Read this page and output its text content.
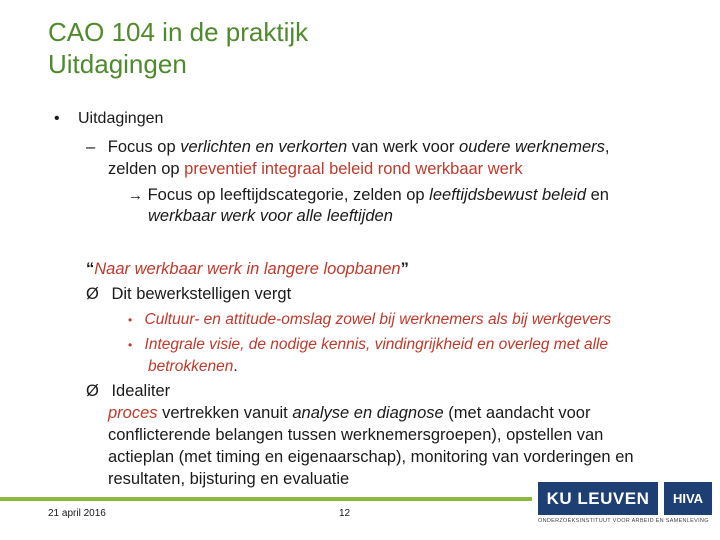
CAO 104 in de praktijk
Uitdagingen
• Uitdagingen
– Focus op verlichten en verkorten van werk voor oudere werknemers,
zelden op preventief integraal beleid rond werkbaar werk
→ Focus op leeftijdscategorie, zelden op leeftijdsbewust beleid en
werkbaar werk voor alle leeftijden
“Naar werkbaar werk in langere loopbanen”
Ø Dit bewerkstelligen vergt
• Cultuur- en attitude-omslag zowel bij werknemers als bij werkgevers
• Integrale visie, de nodige kennis, vindingrijkheid en overleg met alle
betrokkenen.
Ø Idealiter
proces vertrekken vanuit analyse en diagnose (met aandacht voor
conflicterende belangen tussen werknemersgroepen), opstellen van
actieplan (met timing en eigenaarschap), monitoring van vorderingen en
resultaten, bijsturing en evaluatie
21 april 2016	12
KU LEUVEN	HIVA
ONDERZOEKSINSTITUUT VOOR ARBEID EN SAMENLEVING
